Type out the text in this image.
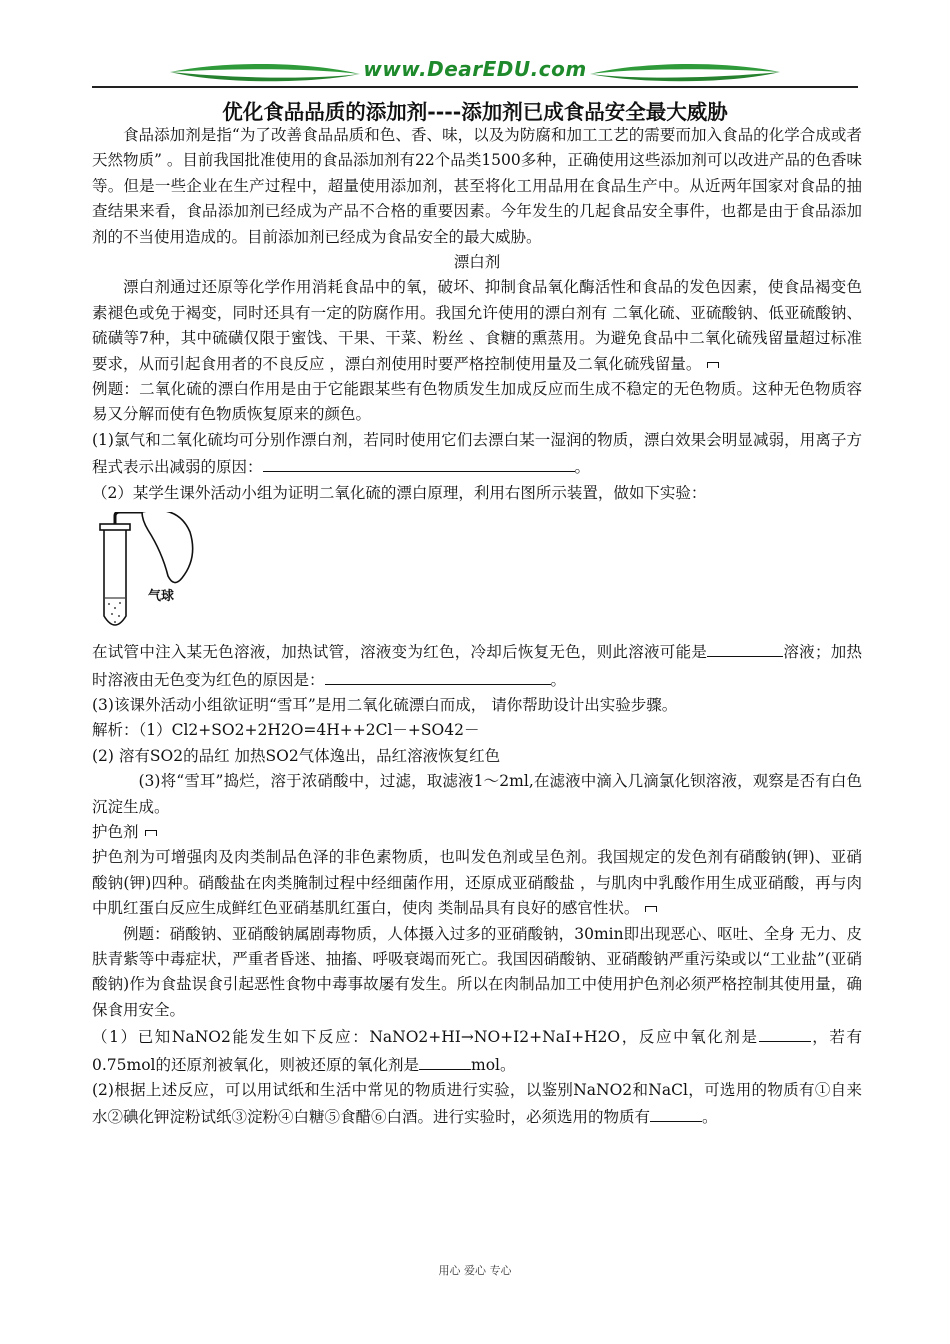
www.DearEDU.com
优化食品品质的添加剂----添加剂已成食品安全最大威胁

食品添加剂是指“为了改善食品品质和色、香、味，以及为防腐和加工工艺的需要而加入食品的化学合成或者天然物质” 。目前我国批准使用的食品添加剂有22个品类1500多种，正确使用这些添加剂可以改进产品的色香味等。但是一些企业在生产过程中，超量使用添加剂，甚至将化工用品用在食品生产中。从近两年国家对食品的抽查结果来看，食品添加剂已经成为产品不合格的重要因素。今年发生的几起食品安全事件，也都是由于食品添加剂的不当使用造成的。目前添加剂已经成为食品安全的最大威胁。

漂白剂

漂白剂通过还原等化学作用消耗食品中的氧，破坏、抑制食品氧化酶活性和食品的发色因素，使食品褐变色素褪色或免于褐变，同时还具有一定的防腐作用。我国允许使用的漂白剂有 二氧化硫、亚硫酸钠、低亚硫酸钠、硫磺等7种，其中硫磺仅限于蜜饯、干果、干菜、粉丝 、食糖的熏蒸用。为避免食品中二氧化硫残留量超过标准要求，从而引起食用者的不良反应 ，漂白剂使用时要严格控制使用量及二氧化硫残留量。

例题：二氧化硫的漂白作用是由于它能跟某些有色物质发生加成反应而生成不稳定的无色物质。这种无色物质容易又分解而使有色物质恢复原来的颜色。

(1)氯气和二氧化硫均可分别作漂白剂，若同时使用它们去漂白某一湿润的物质，漂白效果会明显减弱，用离子方程式表示出减弱的原因：	。

（2）某学生课外活动小组为证明二氧化硫的漂白原理，利用右图所示装置，做如下实验：

气球

在试管中注入某无色溶液，加热试管，溶液变为红色，冷却后恢复无色，则此溶液可能是	溶液；加热时溶液由无色变为红色的原因是：	。

(3)该课外活动小组欲证明“雪耳”是用二氧化硫漂白而成， 请你帮助设计出实验步骤。

解析：（1）Cl2+SO2+2H2O=4H++2Cl－+SO42－

(2) 溶有SO2的品红 加热SO2气体逸出，品红溶液恢复红色

(3)将“雪耳”捣烂，溶于浓硝酸中，过滤，取滤液1～2ml,在滤液中滴入几滴氯化钡溶液，观察是否有白色沉淀生成。

护色剂

护色剂为可增强肉及肉类制品色泽的非色素物质，也叫发色剂或呈色剂。我国规定的发色剂有硝酸钠(钾)、亚硝酸钠(钾)四种。硝酸盐在肉类腌制过程中经细菌作用，还原成亚硝酸盐 ，与肌肉中乳酸作用生成亚硝酸，再与肉中肌红蛋白反应生成鲜红色亚硝基肌红蛋白，使肉 类制品具有良好的感官性状。

例题：硝酸钠、亚硝酸钠属剧毒物质，人体摄入过多的亚硝酸钠，30min即出现恶心、呕吐、全身 无力、皮肤青紫等中毒症状，严重者昏迷、抽搐、呼吸衰竭而死亡。我国因硝酸钠、亚硝酸钠严重污染或以“工业盐”(亚硝酸钠)作为食盐误食引起恶性食物中毒事故屡有发生。所以在肉制品加工中使用护色剂必须严格控制其使用量，确保食用安全。

（1）已知NaNO2能发生如下反应：NaNO2+HI→NO+I2+NaI+H2O，反应中氧化剂是	，若有0.75mol的还原剂被氧化，则被还原的氧化剂是	mol。

(2)根据上述反应，可以用试纸和生活中常见的物质进行实验，以鉴别NaNO2和NaCl，可选用的物质有①自来水②碘化钾淀粉试纸③淀粉④白糖⑤食醋⑥白酒。进行实验时，必须选用的物质有	。

用心 爱心 专心
